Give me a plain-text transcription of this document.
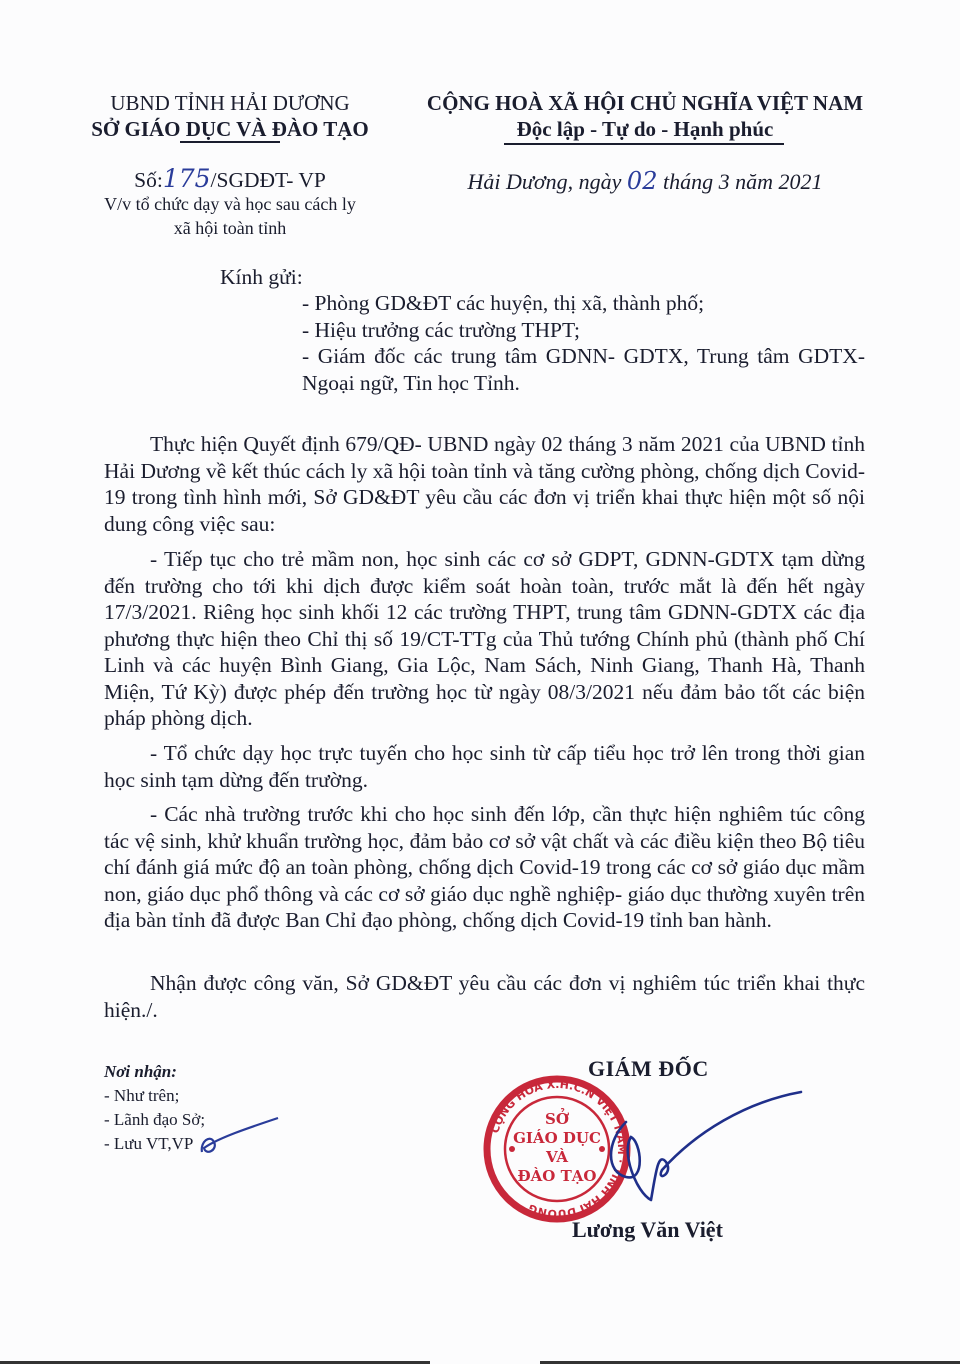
UBND TỈNH HẢI DƯƠNG
SỞ GIÁO DỤC VÀ ĐÀO TẠO
Số:175/SGDĐT- VP
V/v tổ chức dạy và học sau cách ly
xã hội toàn tỉnh
CỘNG HOÀ XÃ HỘI CHỦ NGHĨA VIỆT NAM
Độc lập - Tự do - Hạnh phúc
Hải Dương, ngày 02 tháng 3 năm 2021
Kính gửi:
- Phòng GD&ĐT các huyện, thị xã, thành phố;
- Hiệu trưởng các trường THPT;
- Giám đốc các trung tâm GDNN- GDTX, Trung tâm GDTX-Ngoại ngữ, Tin học Tỉnh.
Thực hiện Quyết định 679/QĐ- UBND ngày 02 tháng 3 năm 2021 của UBND tỉnh Hải Dương về kết thúc cách ly xã hội toàn tỉnh và tăng cường phòng, chống dịch Covid-19 trong tình hình mới, Sở GD&ĐT yêu cầu các đơn vị triển khai thực hiện một số nội dung công việc sau:
- Tiếp tục cho trẻ mầm non, học sinh các cơ sở GDPT, GDNN-GDTX tạm dừng đến trường cho tới khi dịch được kiểm soát hoàn toàn, trước mắt là đến hết ngày 17/3/2021. Riêng học sinh khối 12 các trường THPT, trung tâm GDNN-GDTX các địa phương thực hiện theo Chỉ thị số 19/CT-TTg của Thủ tướng Chính phủ (thành phố Chí Linh và các huyện Bình Giang, Gia Lộc, Nam Sách, Ninh Giang, Thanh Hà, Thanh Miện, Tứ Kỳ) được phép đến trường học từ ngày 08/3/2021 nếu đảm bảo tốt các biện pháp phòng dịch.
- Tổ chức dạy học trực tuyến cho học sinh từ cấp tiểu học trở lên trong thời gian học sinh tạm dừng đến trường.
- Các nhà trường trước khi cho học sinh đến lớp, cần thực hiện nghiêm túc công tác vệ sinh, khử khuẩn trường học, đảm bảo cơ sở vật chất và các điều kiện theo Bộ tiêu chí đánh giá mức độ an toàn phòng, chống dịch Covid-19 trong các cơ sở giáo dục mầm non, giáo dục phổ thông và các cơ sở giáo dục nghề nghiệp- giáo dục thường xuyên trên địa bàn tỉnh đã được Ban Chỉ đạo phòng, chống dịch Covid-19 tỉnh ban hành.
Nhận được công văn, Sở GD&ĐT yêu cầu các đơn vị nghiêm túc triển khai thực hiện./.
Nơi nhận:
- Như trên;
- Lãnh đạo Sở;
- Lưu VT,VP
GIÁM ĐỐC
CỘNG HOÀ X.H.C.N VIỆT NAM · TỈNH HẢI DƯƠNG
SỞ
GIÁO DỤC
VÀ
ĐÀO TẠO
Lương Văn Việt
